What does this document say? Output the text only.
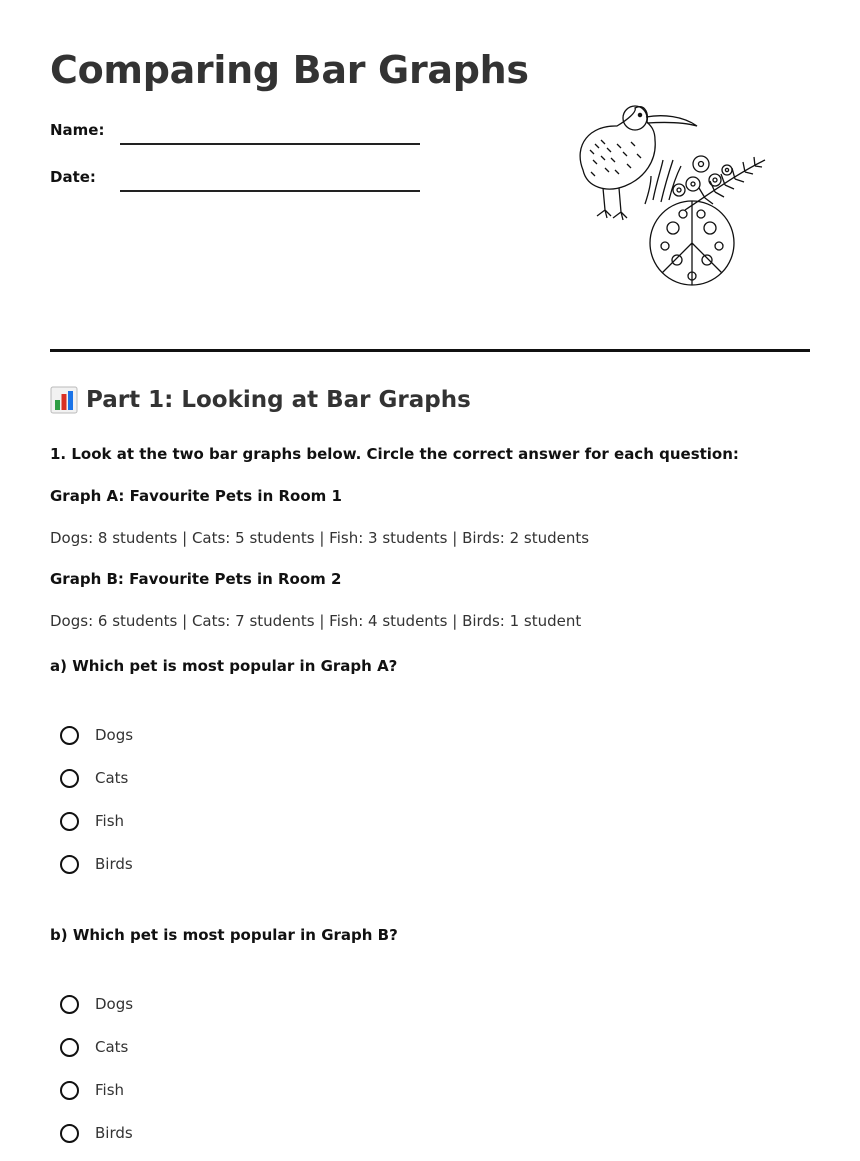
Comparing Bar Graphs
Name:
Date:
Part 1: Looking at Bar Graphs
1. Look at the two bar graphs below. Circle the correct answer for each question:
Graph A: Favourite Pets in Room 1
Dogs: 8 students | Cats: 5 students | Fish: 3 students | Birds: 2 students
Graph B: Favourite Pets in Room 2
Dogs: 6 students | Cats: 7 students | Fish: 4 students | Birds: 1 student
a) Which pet is most popular in Graph A?
Dogs
Cats
Fish
Birds
b) Which pet is most popular in Graph B?
Dogs
Cats
Fish
Birds
